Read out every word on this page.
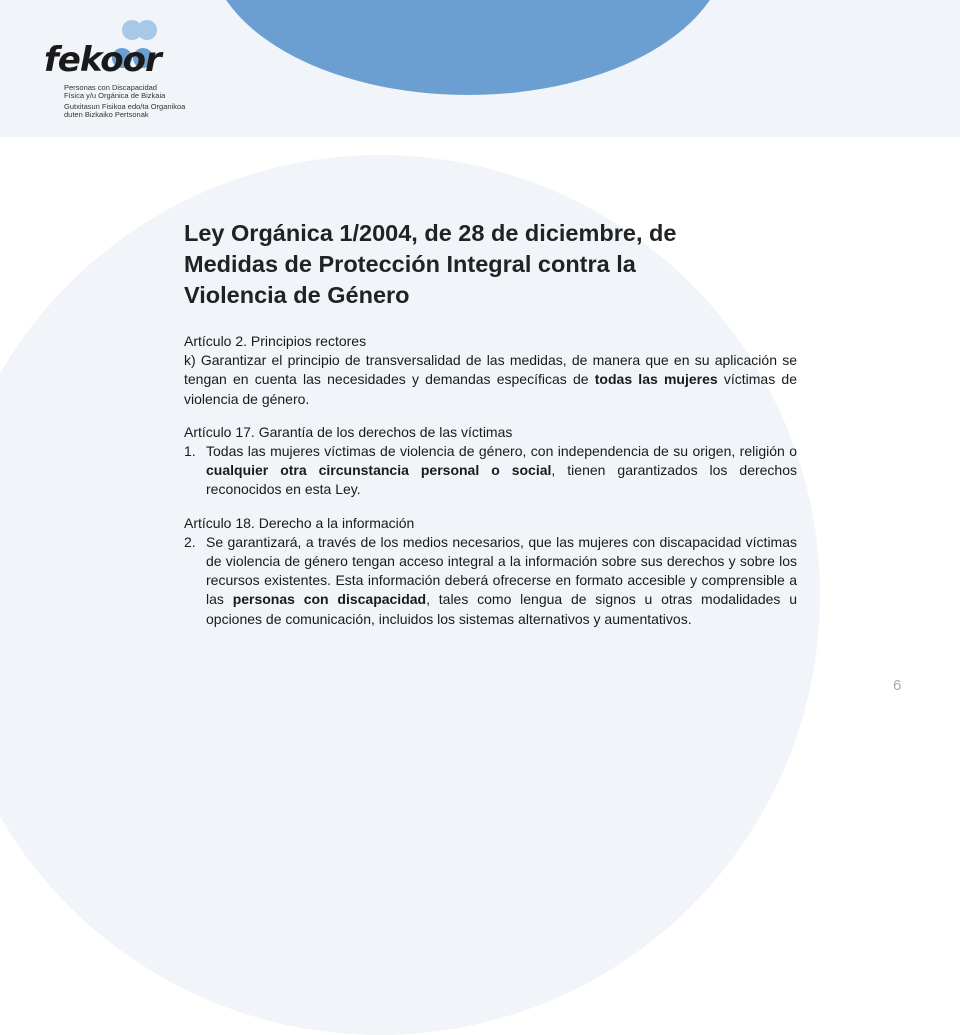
fekoor
Personas con Discapacidad
Física y/u Orgánica de Bizkaia
Gutxitasun Fisikoa edo/ta Organikoa
duten Bizkaiko Pertsonak
Ley Orgánica 1/2004, de 28 de diciembre, de
Medidas de Protección Integral contra la
Violencia de Género

Artículo 2. Principios rectores

k) Garantizar el principio de transversalidad de las medidas, de manera que en su aplicación se tengan en cuenta las necesidades y demandas específicas de todas las mujeres víctimas de violencia de género.

Artículo 17. Garantía de los derechos de las víctimas

1. Todas las mujeres víctimas de violencia de género, con independencia de su origen, religión o cualquier otra circunstancia personal o social, tienen garantizados los derechos reconocidos en esta Ley.

Artículo 18. Derecho a la información

2. Se garantizará, a través de los medios necesarios, que las mujeres con discapacidad víctimas de violencia de género tengan acceso integral a la información sobre sus derechos y sobre los recursos existentes. Esta información deberá ofrecerse en formato accesible y comprensible a las personas con discapacidad, tales como lengua de signos u otras modalidades u opciones de comunicación, incluidos los sistemas alternativos y aumentativos.
6
